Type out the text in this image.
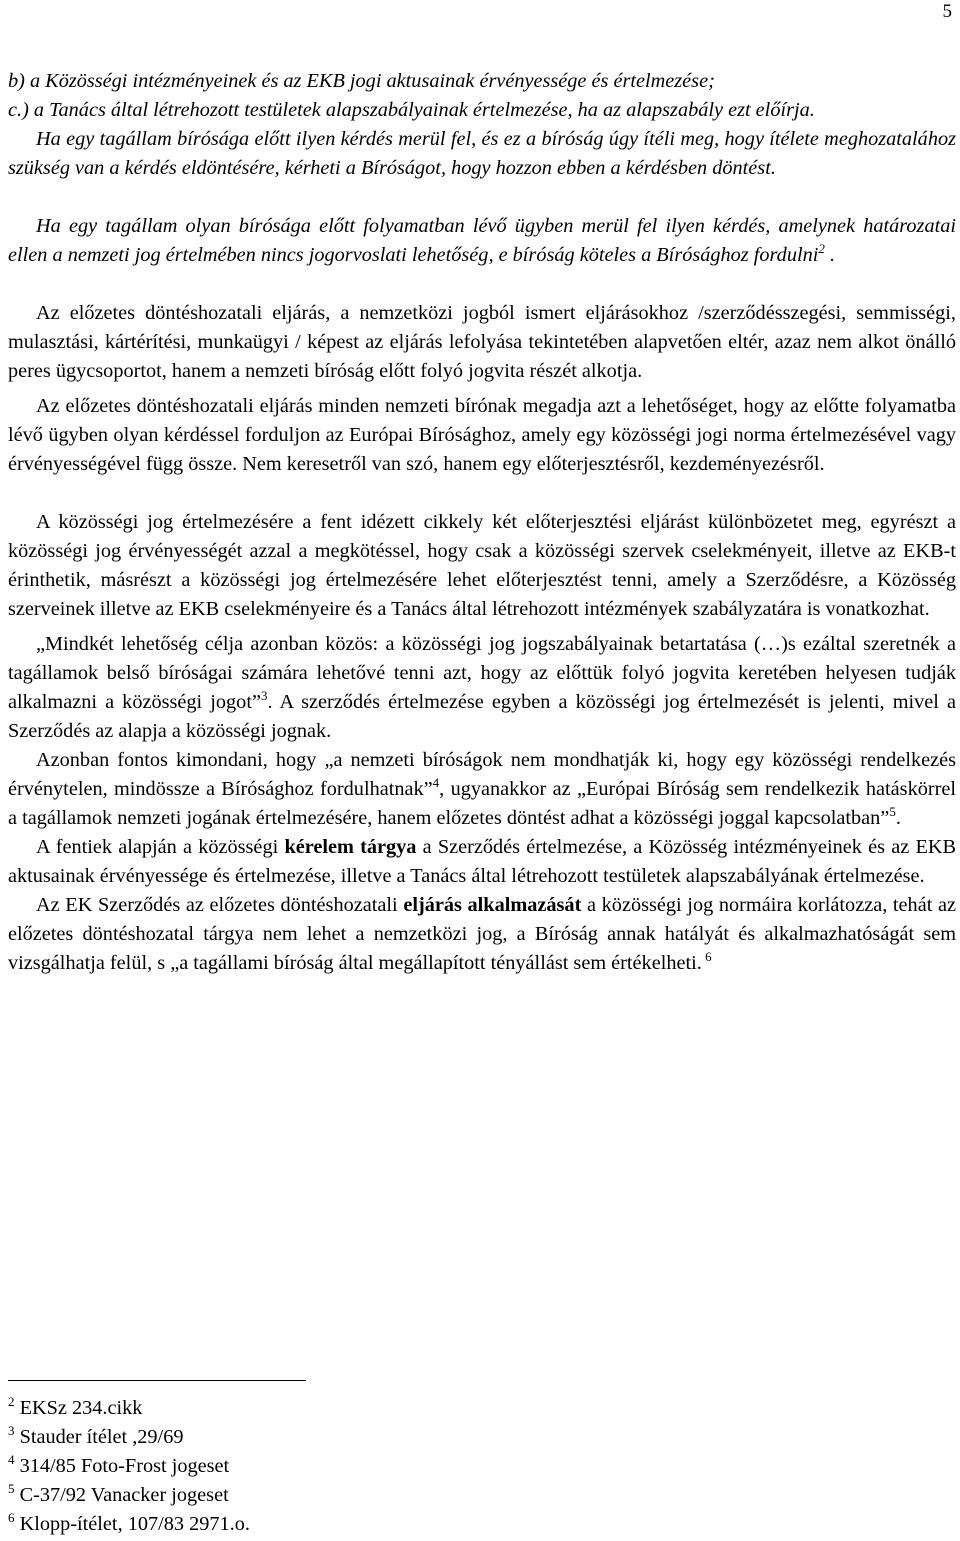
5

b) a Közösségi intézményeinek és az EKB jogi aktusainak érvényessége és értelmezése;

c.) a Tanács által létrehozott testületek alapszabályainak értelmezése, ha az alapszabály ezt előírja.

Ha egy tagállam bírósága előtt ilyen kérdés merül fel, és ez a bíróság úgy ítéli meg, hogy ítélete meghozatalához szükség van a kérdés eldöntésére, kérheti a Bíróságot, hogy hozzon ebben a kérdésben döntést.

Ha egy tagállam olyan bírósága előtt folyamatban lévő ügyben merül fel ilyen kérdés, amelynek határozatai ellen a nemzeti jog értelmében nincs jogorvoslati lehetőség, e bíróság köteles a Bírósághoz fordulni$^2$ .

Az előzetes döntéshozatali eljárás, a nemzetközi jogból ismert eljárásokhoz /szerződésszegési, semmisségi, mulasztási, kártérítési, munkaügyi / képest az eljárás lefolyása tekintetében alapvetően eltér, azaz nem alkot önálló peres ügycsoportot, hanem a nemzeti bíróság előtt folyó jogvita részét alkotja.

Az előzetes döntéshozatali eljárás minden nemzeti bírónak megadja azt a lehetőséget, hogy az előtte folyamatba lévő ügyben olyan kérdéssel forduljon az Európai Bírósághoz, amely egy közösségi jogi norma értelmezésével vagy érvényességével függ össze. Nem keresetről van szó, hanem egy előterjesztésről, kezdeményezésről.

A közösségi jog értelmezésére a fent idézett cikkely két előterjesztési eljárást különbözetet meg, egyrészt a közösségi jog érvényességét azzal a megkötéssel, hogy csak a közösségi szervek cselekményeit, illetve az EKB-t érinthetik, másrészt a közösségi jog értelmezésére lehet előterjesztést tenni, amely a Szerződésre, a Közösség szerveinek illetve az EKB cselekményeire és a Tanács által létrehozott intézmények szabályzatára is vonatkozhat.

„Mindkét lehetőség célja azonban közös: a közösségi jog jogszabályainak betartatása (…)s ezáltal szeretnék a tagállamok belső bíróságai számára lehetővé tenni azt, hogy az előttük folyó jogvita keretében helyesen tudják alkalmazni a közösségi jogot”$^3$. A szerződés értelmezése egyben a közösségi jog értelmezését is jelenti, mivel a Szerződés az alapja a közösségi jognak.

Azonban fontos kimondani, hogy „a nemzeti bíróságok nem mondhatják ki, hogy egy közösségi rendelkezés érvénytelen, mindössze a Bírósághoz fordulhatnak”$^4$, ugyanakkor az „Európai Bíróság sem rendelkezik hatáskörrel a tagállamok nemzeti jogának értelmezésére, hanem előzetes döntést adhat a közösségi joggal kapcsolatban”$^5$.

A fentiek alapján a közösségi kérelem tárgya a Szerződés értelmezése, a Közösség intézményeinek és az EKB aktusainak érvényessége és értelmezése, illetve a Tanács által létrehozott testületek alapszabályának értelmezése.

Az EK Szerződés az előzetes döntéshozatali eljárás alkalmazását a közösségi jog normáira korlátozza, tehát az előzetes döntéshozatal tárgya nem lehet a nemzetközi jog, a Bíróság annak hatályát és alkalmazhatóságát sem vizsgálhatja felül, s „a tagállami bíróság által megállapított tényállást sem értékelheti. $^6$

$^2$ EKSz 234.cikk
$^3$ Stauder ítélet ,29/69
$^4$ 314/85 Foto-Frost jogeset
$^5$ C-37/92 Vanacker jogeset
$^6$ Klopp-ítélet, 107/83 2971.o.
